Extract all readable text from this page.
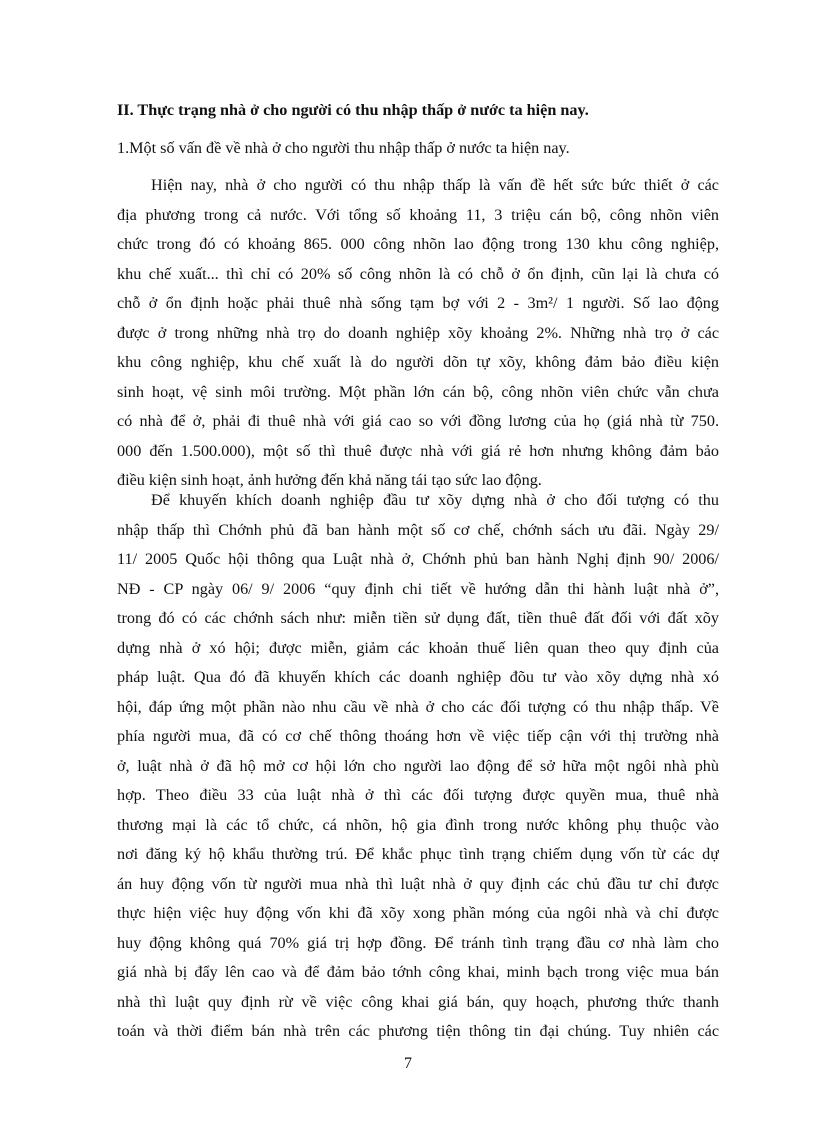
II. Thực trạng nhà ở cho người có thu nhập thấp ở nước ta hiện nay.
1.Một số vấn đề về nhà ở cho người thu nhập thấp ở nước ta hiện nay.
Hiện nay, nhà ở cho người có thu nhập thấp là vấn đề hết sức bức thiết ở các
địa phương trong cả nước. Với tổng số khoảng 11, 3 triệu cán bộ, công nhõn viên
chức trong đó có khoảng 865. 000 công nhõn lao động trong 130 khu công nghiệp,
khu chế xuất... thì chỉ có 20% số công nhõn là có chỗ ở ổn định, cũn lại là chưa có
chỗ ở ổn định hoặc phải thuê nhà sống tạm bợ với 2 - 3m²/ 1 người. Số lao động
được ở trong những nhà trọ do doanh nghiệp xõy khoảng 2%. Những nhà trọ ở các
khu công nghiệp, khu chế xuất là do người dõn tự xõy, không đảm bảo điều kiện
sinh hoạt, vệ sinh môi trường. Một phần lớn cán bộ, công nhõn viên chức vẫn chưa
có nhà để ở, phải đi thuê nhà với giá cao so với đồng lương của họ (giá nhà từ 750.
000 đến 1.500.000), một số thì thuê được nhà với giá rẻ hơn nhưng không đảm bảo
điều kiện sinh hoạt, ảnh hưởng đến khả năng tái tạo sức lao động.
Để khuyến khích doanh nghiệp đầu tư xõy dựng nhà ở cho đối tượng có thu
nhập thấp thì Chớnh phủ đã ban hành một số cơ chế, chớnh sách ưu đãi. Ngày 29/
11/ 2005 Quốc hội thông qua Luật nhà ở, Chớnh phủ ban hành Nghị định 90/ 2006/
NĐ - CP ngày 06/ 9/ 2006 “quy định chi tiết về hướng dẫn thi hành luật nhà ở”,
trong đó có các chớnh sách như: miễn tiền sử dụng đất, tiền thuê đất đối với đất xõy
dựng nhà ở xó hội; được miễn, giảm các khoản thuế liên quan theo quy định của
pháp luật. Qua đó đã khuyến khích các doanh nghiệp đõu tư vào xõy dựng nhà xó
hội, đáp ứng một phần nào nhu cầu về nhà ở cho các đối tượng có thu nhập thấp. Về
phía người mua, đã có cơ chế thông thoáng hơn về việc tiếp cận với thị trường nhà
ở, luật nhà ở đã hộ mở cơ hội lớn cho người lao động để sở hữa một ngôi nhà phù
hợp. Theo điều 33 của luật nhà ở thì các đối tượng được quyền mua, thuê nhà
thương mại là các tổ chức, cá nhõn, hộ gia đình trong nước không phụ thuộc vào
nơi đăng ký hộ khẩu thường trú. Để khắc phục tình trạng chiếm dụng vốn từ các dự
án huy động vốn từ người mua nhà thì luật nhà ở quy định các chủ đầu tư chỉ được
thực hiện việc huy động vốn khi đã xõy xong phần móng của ngôi nhà và chỉ được
huy động không quá 70% giá trị hợp đồng. Để tránh tình trạng đầu cơ nhà làm cho
giá nhà bị đẩy lên cao và để đảm bảo tớnh công khai, minh bạch trong việc mua bán
nhà thì luật quy định rừ về việc công khai giá bán, quy hoạch, phương thức thanh
toán và thời điểm bán nhà trên các phương tiện thông tin đại chúng. Tuy nhiên các
7
